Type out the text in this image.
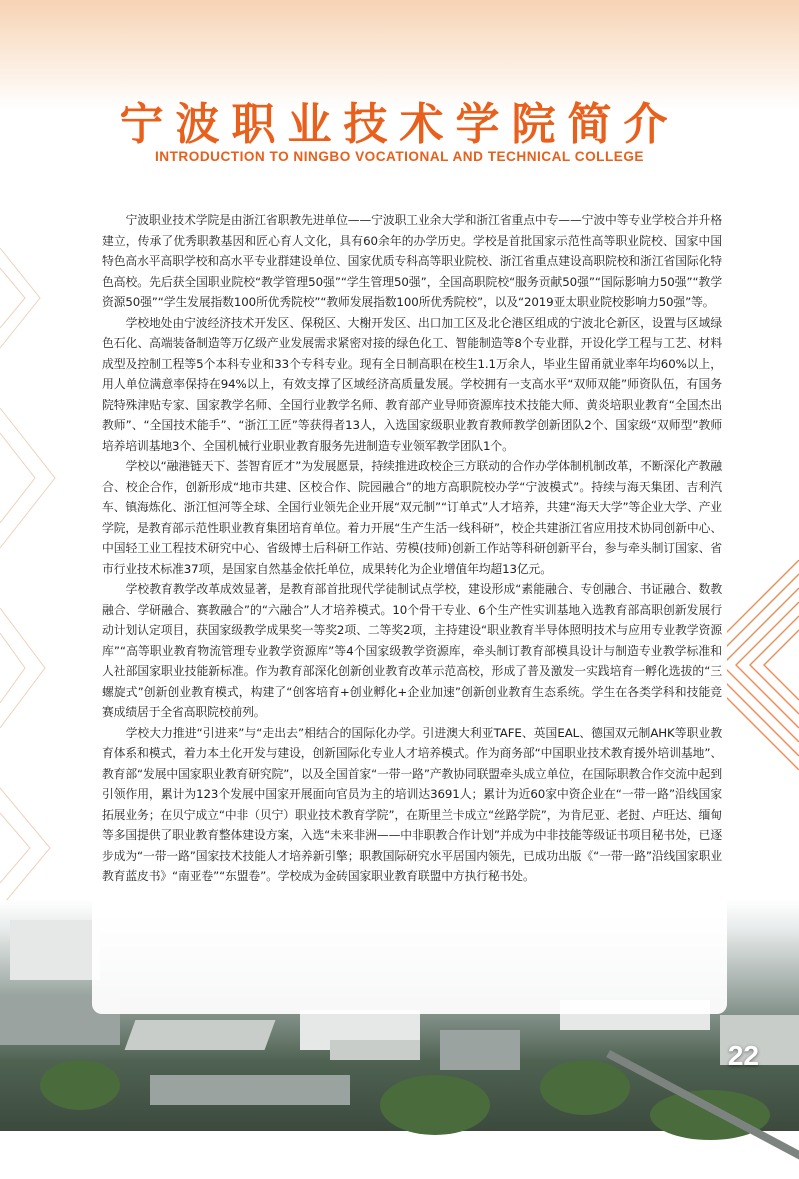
宁波职业技术学院简介
INTRODUCTION TO NINGBO VOCATIONAL AND TECHNICAL COLLEGE

宁波职业技术学院是由浙江省职教先进单位——宁波职工业余大学和浙江省重点中专——宁波中等专业学校合并升格建立，传承了优秀职教基因和匠心育人文化，具有60余年的办学历史。学校是首批国家示范性高等职业院校、国家中国特色高水平高职学校和高水平专业群建设单位、国家优质专科高等职业院校、浙江省重点建设高职院校和浙江省国际化特色高校。先后获全国职业院校“教学管理50强”“学生管理50强”，全国高职院校“服务贡献50强”“国际影响力50强”“教学资源50强”“学生发展指数100所优秀院校”“教师发展指数100所优秀院校”，以及“2019亚太职业院校影响力50强”等。

学校地处由宁波经济技术开发区、保税区、大榭开发区、出口加工区及北仑港区组成的宁波北仑新区，设置与区域绿色石化、高端装备制造等万亿级产业发展需求紧密对接的绿色化工、智能制造等8个专业群，开设化学工程与工艺、材料成型及控制工程等5个本科专业和33个专科专业。现有全日制高职在校生1.1万余人，毕业生留甬就业率年均60%以上，用人单位满意率保持在94%以上，有效支撑了区域经济高质量发展。学校拥有一支高水平“双师双能”师资队伍，有国务院特殊津贴专家、国家教学名师、全国行业教学名师、教育部产业导师资源库技术技能大师、黄炎培职业教育“全国杰出教师”、“全国技术能手”、“浙江工匠”等获得者13人，入选国家级职业教育教师教学创新团队2个、国家级“双师型”教师培养培训基地3个、全国机械行业职业教育服务先进制造专业领军教学团队1个。

学校以“融港链天下、荟智育匠才”为发展愿景，持续推进政校企三方联动的合作办学体制机制改革，不断深化产教融合、校企合作，创新形成“地市共建、区校合作、院园融合”的地方高职院校办学“宁波模式”。持续与海天集团、吉利汽车、镇海炼化、浙江恒河等全球、全国行业领先企业开展“双元制”“订单式”人才培养，共建“海天大学”等企业大学、产业学院，是教育部示范性职业教育集团培育单位。着力开展“生产生活一线科研”，校企共建浙江省应用技术协同创新中心、中国轻工业工程技术研究中心、省级博士后科研工作站、劳模(技师)创新工作站等科研创新平台，参与牵头制订国家、省市行业技术标准37项，是国家自然基金依托单位，成果转化为企业增值年均超13亿元。

学校教育教学改革成效显著，是教育部首批现代学徒制试点学校，建设形成“素能融合、专创融合、书证融合、数教融合、学研融合、赛教融合”的“六融合”人才培养模式。10个骨干专业、6个生产性实训基地入选教育部高职创新发展行动计划认定项目，获国家级教学成果奖一等奖2项、二等奖2项，主持建设“职业教育半导体照明技术与应用专业教学资源库”“高等职业教育物流管理专业教学资源库”等4个国家级教学资源库，牵头制订教育部模具设计与制造专业教学标准和人社部国家职业技能新标准。作为教育部深化创新创业教育改革示范高校，形成了普及激发一实践培育一孵化选拔的“三螺旋式”创新创业教育模式，构建了“创客培育+创业孵化+企业加速”创新创业教育生态系统。学生在各类学科和技能竞赛成绩居于全省高职院校前列。

学校大力推进“引进来”与“走出去”相结合的国际化办学。引进澳大利亚TAFE、英国EAL、德国双元制AHK等职业教育体系和模式，着力本土化开发与建设，创新国际化专业人才培养模式。作为商务部“中国职业技术教育援外培训基地”、教育部“发展中国家职业教育研究院”，以及全国首家“一带一路”产教协同联盟牵头成立单位，在国际职教合作交流中起到引领作用，累计为123个发展中国家开展面向官员为主的培训达3691人；累计为近60家中资企业在“一带一路”沿线国家拓展业务；在贝宁成立“中非（贝宁）职业技术教育学院”，在斯里兰卡成立“丝路学院”，为肯尼亚、老挝、卢旺达、缅甸等多国提供了职业教育整体建设方案，入选“未来非洲——中非职教合作计划”并成为中非技能等级证书项目秘书处，已逐步成为“一带一路”国家技术技能人才培养新引擎；职教国际研究水平居国内领先，已成功出版《“一带一路”沿线国家职业教育蓝皮书》“南亚卷”“东盟卷”。学校成为金砖国家职业教育联盟中方执行秘书处。

22
